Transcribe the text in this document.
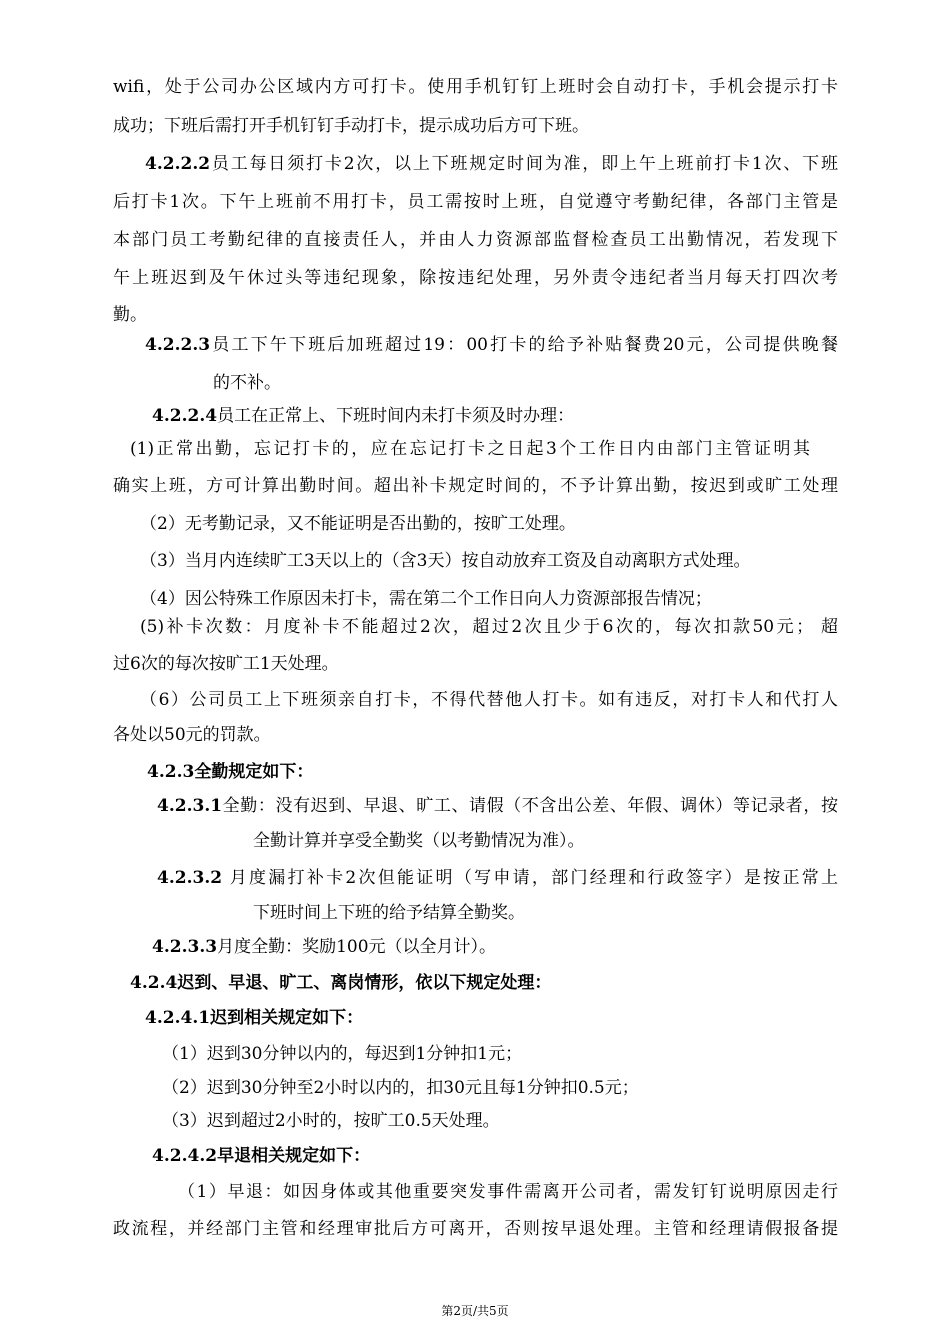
wifi，处于公司办公区域内方可打卡。使用手机钉钉上班时会自动打卡，手机会提示打卡
成功；下班后需打开手机钉钉手动打卡，提示成功后方可下班。
4.2.2.2员工每日须打卡2次，以上下班规定时间为准，即上午上班前打卡1次、下班
后打卡1次。下午上班前不用打卡，员工需按时上班，自觉遵守考勤纪律，各部门主管是
本部门员工考勤纪律的直接责任人，并由人力资源部监督检查员工出勤情况，若发现下
午上班迟到及午休过头等违纪现象，除按违纪处理，另外责令违纪者当月每天打四次考
勤。
4.2.2.3员工下午下班后加班超过19：00打卡的给予补贴餐费20元，公司提供晚餐
的不补。
4.2.2.4员工在正常上、下班时间内未打卡须及时办理：
(1)正常出勤，忘记打卡的，应在忘记打卡之日起3个工作日内由部门主管证明其
确实上班，方可计算出勤时间。超出补卡规定时间的，不予计算出勤，按迟到或旷工处理
（2）无考勤记录，又不能证明是否出勤的，按旷工处理。
（3）当月内连续旷工3天以上的（含3天）按自动放弃工资及自动离职方式处理。
（4）因公特殊工作原因未打卡，需在第二个工作日向人力资源部报告情况；
(5)补卡次数：月度补卡不能超过2次，超过2次且少于6次的，每次扣款50元； 超
过6次的每次按旷工1天处理。
（6）公司员工上下班须亲自打卡，不得代替他人打卡。如有违反，对打卡人和代打人
各处以50元的罚款。
4.2.3全勤规定如下：
4.2.3.1全勤：没有迟到、早退、旷工、请假（不含出公差、年假、调休）等记录者，按
全勤计算并享受全勤奖（以考勤情况为准）。
4.2.3.2 月度漏打补卡2次但能证明（写申请，部门经理和行政签字）是按正常上
下班时间上下班的给予结算全勤奖。
4.2.3.3月度全勤：奖励100元（以全月计）。
4.2.4迟到、早退、旷工、离岗情形，依以下规定处理：
4.2.4.1迟到相关规定如下：
（1）迟到30分钟以内的，每迟到1分钟扣1元；
（2）迟到30分钟至2小时以内的，扣30元且每1分钟扣0.5元；
（3）迟到超过2小时的，按旷工0.5天处理。
4.2.4.2早退相关规定如下：
（1）早退：如因身体或其他重要突发事件需离开公司者，需发钉钉说明原因走行
政流程，并经部门主管和经理审批后方可离开，否则按早退处理。主管和经理请假报备提
第2页/共5页
